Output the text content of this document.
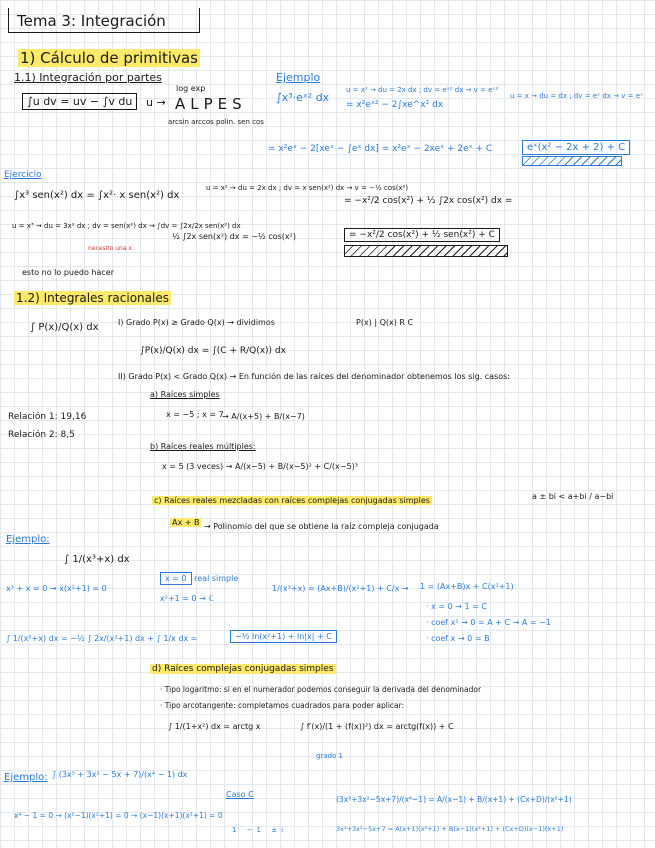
Tema 3: Integración
1) Cálculo de primitivas
1.1) Integración por partes
∫u dv = uv − ∫v du	u →
log exp
ALPES
arcsin arccos polin. sen cos
Ejemplo
∫x³·eˣ² dx
u = x² → du = 2x dx ; dv = eˣ² dx → v = eˣ²
= x²eˣ² − 2∫xe^x² dx
u = x → du = dx ; dv = eˣ dx → v = eˣ
= x²eˣ − 2[xeˣ − ∫eˣ dx] = x²eˣ − 2xeˣ + 2eˣ + C	eˣ(x² − 2x + 2) + C
Ejercicio
∫x³ sen(x²) dx = ∫x²· x sen(x²) dx
u = x² → du = 2x dx ; dv = x sen(x²) dx → v = −½ cos(x²)
= −x²/2 cos(x²) + ½ ∫2x cos(x²) dx =
u = x³ → du = 3x² dx ; dv = sen(x²) dx → ∫dv = ∫2x/2x sen(x²) dx
necesito una x
½ ∫2x sen(x²) dx = −½ cos(x²)	= −x²/2 cos(x²) + ½ sen(x²) + C
esto no lo puedo hacer
1.2) Integrales racionales
∫ P(x)/Q(x) dx I) Grado P(x) ≥ Grado Q(x) → dividimos	P(x) | Q(x) R C
∫P(x)/Q(x) dx = ∫(C + R/Q(x)) dx
II) Grado P(x) < Grado Q(x) → En función de las raíces del denominador obtenemos los sig. casos:
a) Raíces simples
x = −5 ; x = 7
→ A/(x+5) + B/(x−7)
Relación 1: 19,16
Relación 2: 8,5
b) Raíces reales múltiples:
x = 5 (3 veces) → A/(x−5) + B/(x−5)² + C/(x−5)³
c) Raíces reales mezcladas con raíces complejas conjugadas simples	a ± bi < a+bi / a−bi
Ax + B → Polinomio del que se obtiene la raíz compleja conjugada
Ejemplo:
∫ 1/(x³+x) dx
x³ + x = 0 → x(x²+1) = 0
x = 0 real simple
x²+1 = 0 → ℂ
1/(x³+x) = (Ax+B)/(x²+1) + C/x → 1 = (Ax+B)x + C(x²+1)
· x = 0 → 1 = C
· coef x² → 0 = A + C → A = −1
· coef x → 0 = B
∫ 1/(x³+x) dx = −½ ∫ 2x/(x²+1) dx + ∫ 1/x dx =	−½ ln(x²+1) + ln|x| + C
d) Raíces complejas conjugadas simples
· Tipo logaritmo: si en el numerador podemos conseguir la derivada del denominador
· Tipo arcotangente: completamos cuadrados para poder aplicar:
∫ 1/(1+x²) dx = arctg x	∫ f′(x)/(1 + (f(x))²) dx = arctg(f(x)) + C
grado 1
Ejemplo: ∫ (3x³ + 3x² − 5x + 7)/(x⁴ − 1) dx
Caso C
x⁴ − 1 = 0 → (x²−1)(x²+1) = 0 → (x−1)(x+1)(x²+1) = 0
1 −1 ±i
(3x³+3x²−5x+7)/(x⁴−1) = A/(x−1) + B/(x+1) + (Cx+D)/(x²+1)
3x³+3x²−5x+7 = A(x+1)(x²+1) + B(x−1)(x²+1) + (Cx+D)(x−1)(x+1)
